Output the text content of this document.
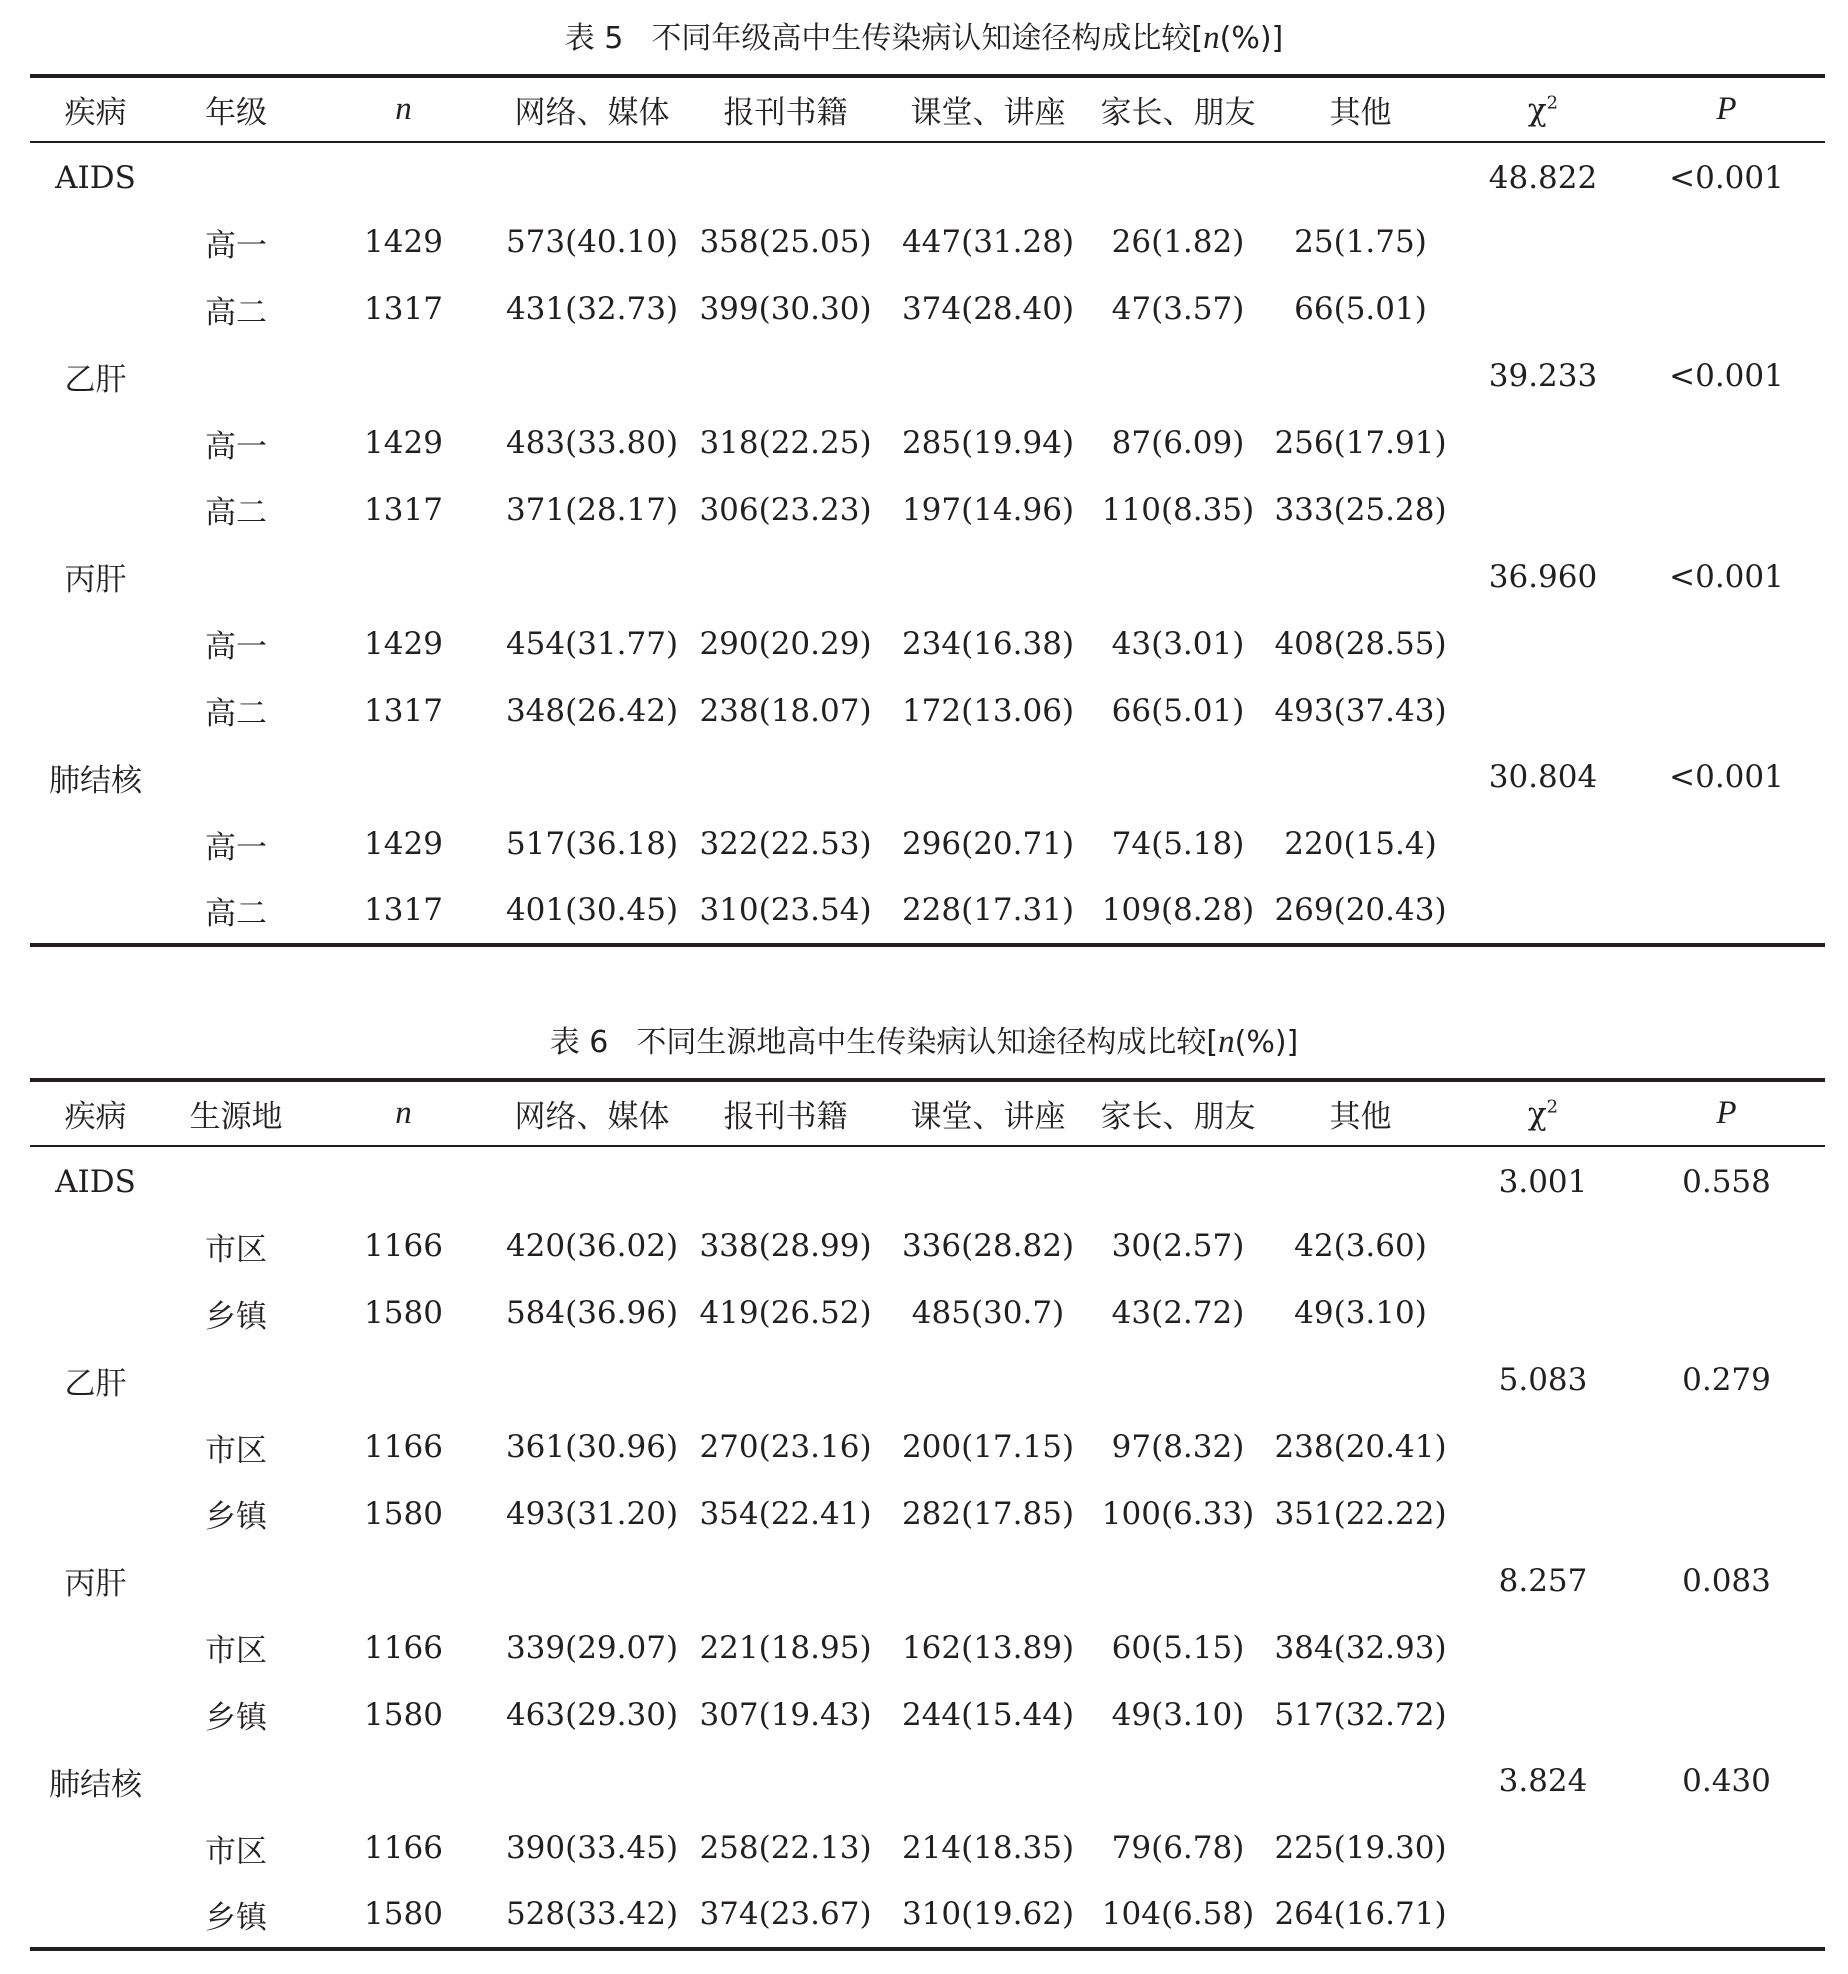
表 5 不同年级高中生传染病认知途径构成比较[n(%)]
疾病	年级	n	网络、媒体	报刊书籍	课堂、讲座	家长、朋友	其他	$\chi^2$	P
AIDS								48.822	<0.001
	高一	1429	573(40.10)	358(25.05)	447(31.28)	26(1.82)	25(1.75)		
	高二	1317	431(32.73)	399(30.30)	374(28.40)	47(3.57)	66(5.01)		
乙肝								39.233	<0.001
	高一	1429	483(33.80)	318(22.25)	285(19.94)	87(6.09)	256(17.91)		
	高二	1317	371(28.17)	306(23.23)	197(14.96)	110(8.35)	333(25.28)		
丙肝								36.960	<0.001
	高一	1429	454(31.77)	290(20.29)	234(16.38)	43(3.01)	408(28.55)		
	高二	1317	348(26.42)	238(18.07)	172(13.06)	66(5.01)	493(37.43)		
肺结核								30.804	<0.001
	高一	1429	517(36.18)	322(22.53)	296(20.71)	74(5.18)	220(15.4)		
	高二	1317	401(30.45)	310(23.54)	228(17.31)	109(8.28)	269(20.43)		
表 6 不同生源地高中生传染病认知途径构成比较[n(%)]
疾病	生源地	n	网络、媒体	报刊书籍	课堂、讲座	家长、朋友	其他	$\chi^2$	P
AIDS								3.001	0.558
	市区	1166	420(36.02)	338(28.99)	336(28.82)	30(2.57)	42(3.60)		
	乡镇	1580	584(36.96)	419(26.52)	485(30.7)	43(2.72)	49(3.10)		
乙肝								5.083	0.279
	市区	1166	361(30.96)	270(23.16)	200(17.15)	97(8.32)	238(20.41)		
	乡镇	1580	493(31.20)	354(22.41)	282(17.85)	100(6.33)	351(22.22)		
丙肝								8.257	0.083
	市区	1166	339(29.07)	221(18.95)	162(13.89)	60(5.15)	384(32.93)		
	乡镇	1580	463(29.30)	307(19.43)	244(15.44)	49(3.10)	517(32.72)		
肺结核								3.824	0.430
	市区	1166	390(33.45)	258(22.13)	214(18.35)	79(6.78)	225(19.30)		
	乡镇	1580	528(33.42)	374(23.67)	310(19.62)	104(6.58)	264(16.71)		
